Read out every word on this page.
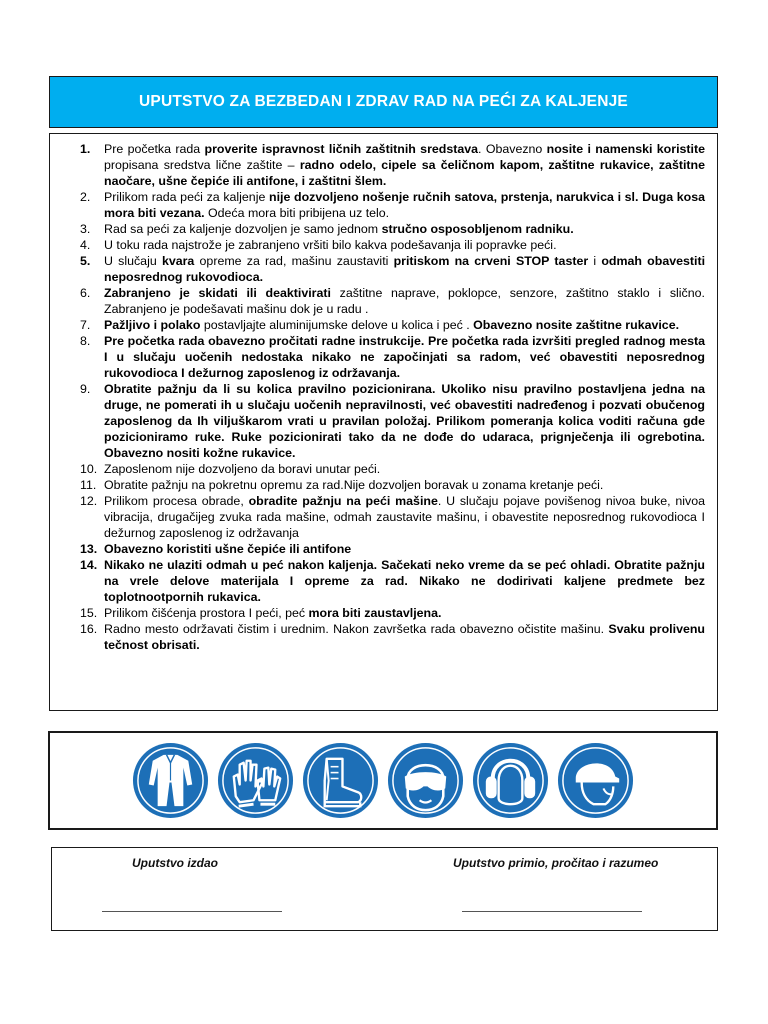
UPUTSTVO ZA BEZBEDAN I ZDRAV RAD NA PEĆI ZA KALJENJE
1. Pre početka rada proverite ispravnost ličnih zaštitnih sredstava. Obavezno nosite i namenski koristite propisana sredstva lične zaštite – radno odelo, cipele sa čeličnom kapom, zaštitne rukavice, zaštitne naočare, ušne čepiće ili antifone, i zaštitni šlem.
2. Prilikom rada peći za kaljenje nije dozvoljeno nošenje ručnih satova, prstenja, narukvica i sl. Duga kosa mora biti vezana. Odeća mora biti pribijena uz telo.
3. Rad sa peći za kaljenje dozvoljen je samo jednom stručno osposobljenom radniku.
4. U toku rada najstrože je zabranjeno vršiti bilo kakva podešavanja ili popravke peći.
5. U slučaju kvara opreme za rad, mašinu zaustaviti pritiskom na crveni STOP taster i odmah obavestiti neposrednog rukovodioca.
6. Zabranjeno je skidati ili deaktivirati zaštitne naprave, poklopce, senzore, zaštitno staklo i slično. Zabranjeno je podešavati mašinu dok je u radu .
7. Pažljivo i polako postavljajte aluminijumske delove u kolica i peć . Obavezno nosite zaštitne rukavice.
8. Pre početka rada obavezno pročitati radne instrukcije. Pre početka rada izvršiti pregled radnog mesta I u slučaju uočenih nedostaka nikako ne započinjati sa radom, već obavestiti neposrednog rukovodioca I dežurnog zaposlenog iz održavanja.
9. Obratite pažnju da li su kolica pravilno pozicionirana. Ukoliko nisu pravilno postavljena jedna na druge, ne pomerati ih u slučaju uočenih nepravilnosti, već obavestiti nadređenog i pozvati obučenog zaposlenog da Ih viljuškarom vrati u pravilan položaj. Prilikom pomeranja kolica voditi računa gde pozicioniramo ruke. Ruke pozicionirati tako da ne dođe do udaraca, prignječenja ili ogrebotina. Obavezno nositi kožne rukavice.
10. Zaposlenom nije dozvoljeno da boravi unutar peći.
11. Obratite pažnju na pokretnu opremu za rad.Nije dozvoljen boravak u zonama kretanje peći.
12. Prilikom procesa obrade, obradite pažnju na peći mašine. U slučaju pojave povišenog nivoa buke, nivoa vibracija, drugačijeg zvuka rada mašine, odmah zaustavite mašinu, i obavestite neposrednog rukovodioca I dežurnog zaposlenog iz održavanja
13. Obavezno koristiti ušne čepiće ili antifone
14. Nikako ne ulaziti odmah u peć nakon kaljenja. Sačekati neko vreme da se peć ohladi. Obratite pažnju na vrele delove materijala I opreme za rad. Nikako ne dodirivati kaljene predmete bez toplotnootpornih rukavica.
15. Prilikom čišćenja prostora I peći, peć mora biti zaustavljena.
16. Radno mesto održavati čistim i urednim. Nakon završetka rada obavezno očistite mašinu. Svaku prolivenu tečnost obrisati.
Uputstvo izdao	Uputstvo primio, pročitao i razumeo
